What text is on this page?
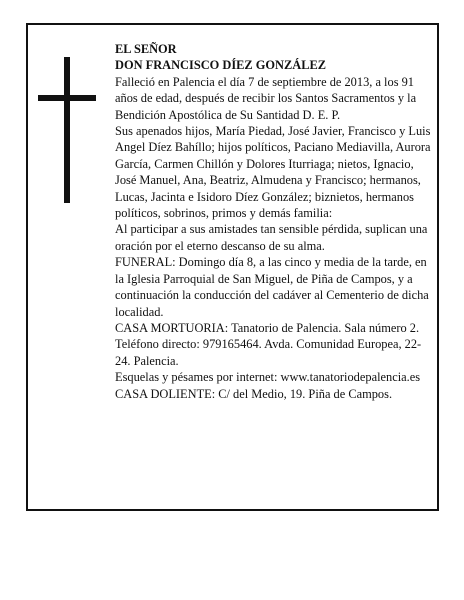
EL SEÑOR

DON FRANCISCO DÍEZ GONZÁLEZ

Falleció en Palencia el día 7 de septiembre de 2013, a los 91 años de edad, después de recibir los Santos Sacramentos y la Bendición Apostólica de Su Santidad D. E. P.

Sus apenados hijos, María Piedad, José Javier, Francisco y Luis Angel Díez Bahíllo; hijos políticos, Paciano Mediavilla, Aurora García, Carmen Chillón y Dolores Iturriaga; nietos, Ignacio, José Manuel, Ana, Beatriz, Almudena y Francisco; hermanos, Lucas, Jacinta e Isidoro Díez González; biznietos, hermanos políticos, sobrinos, primos y demás familia:

Al participar a sus amistades tan sensible pérdida, suplican una oración por el eterno descanso de su alma.

FUNERAL: Domingo día 8, a las cinco y media de la tarde, en la Iglesia Parroquial de San Miguel, de Piña de Campos, y a continuación la conducción del cadáver al Cementerio de dicha localidad.

CASA MORTUORIA: Tanatorio de Palencia. Sala número 2. Teléfono directo: 979165464. Avda. Comunidad Europea, 22-24. Palencia.

Esquelas y pésames por internet: www.tanatoriodepalencia.es

CASA DOLIENTE: C/ del Medio, 19. Piña de Campos.
